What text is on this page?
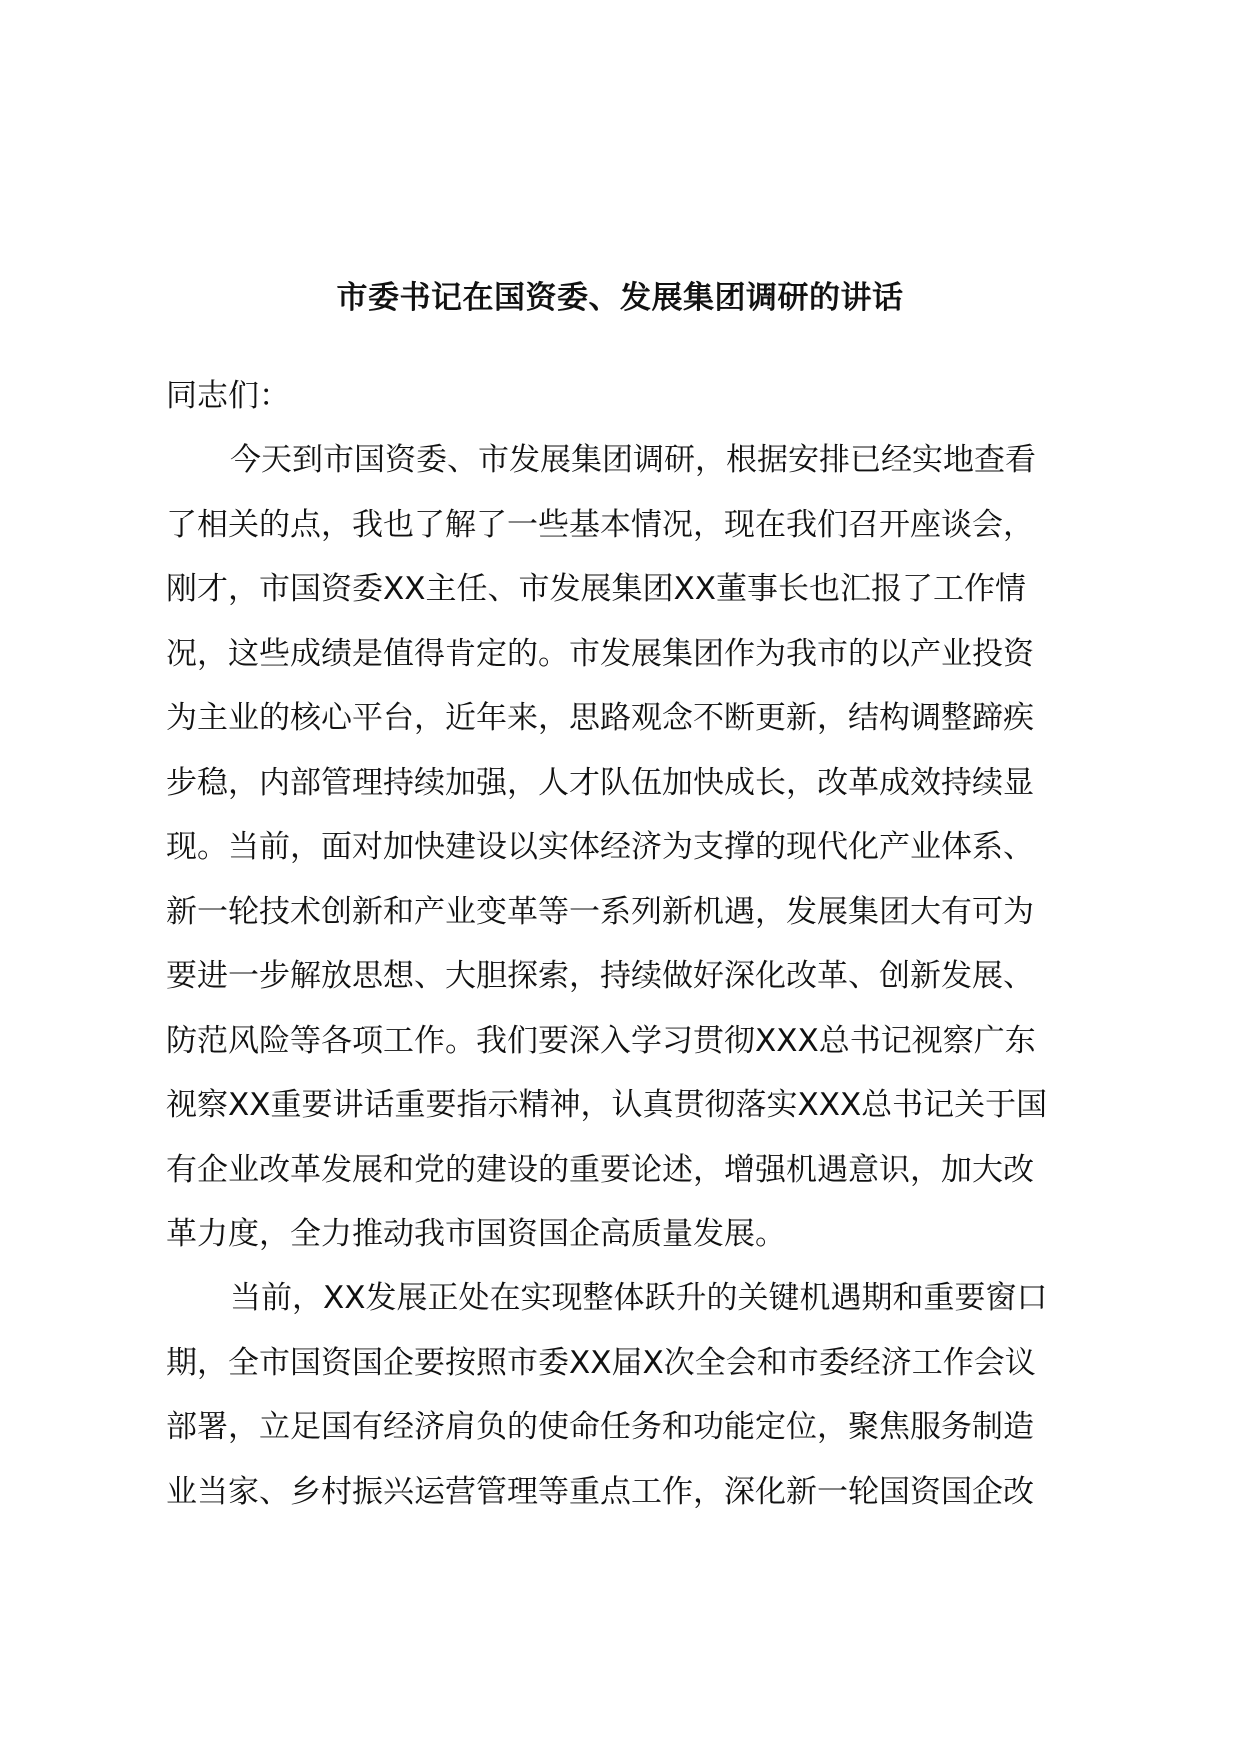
市委书记在国资委、发展集团调研的讲话
同志们：
今天到市国资委、市发展集团调研，根据安排已经实地查看
了相关的点，我也了解了一些基本情况，现在我们召开座谈会，
刚才，市国资委XX主任、市发展集团XX董事长也汇报了工作情
况，这些成绩是值得肯定的。市发展集团作为我市的以产业投资
为主业的核心平台，近年来，思路观念不断更新，结构调整蹄疾
步稳，内部管理持续加强，人才队伍加快成长，改革成效持续显
现。当前，面对加快建设以实体经济为支撑的现代化产业体系、
新一轮技术创新和产业变革等一系列新机遇，发展集团大有可为
要进一步解放思想、大胆探索，持续做好深化改革、创新发展、
防范风险等各项工作。我们要深入学习贯彻XXX总书记视察广东
视察XX重要讲话重要指示精神，认真贯彻落实XXX总书记关于国
有企业改革发展和党的建设的重要论述，增强机遇意识，加大改
革力度，全力推动我市国资国企高质量发展。
当前，XX发展正处在实现整体跃升的关键机遇期和重要窗口
期，全市国资国企要按照市委XX届X次全会和市委经济工作会议
部署，立足国有经济肩负的使命任务和功能定位，聚焦服务制造
业当家、乡村振兴运营管理等重点工作，深化新一轮国资国企改
